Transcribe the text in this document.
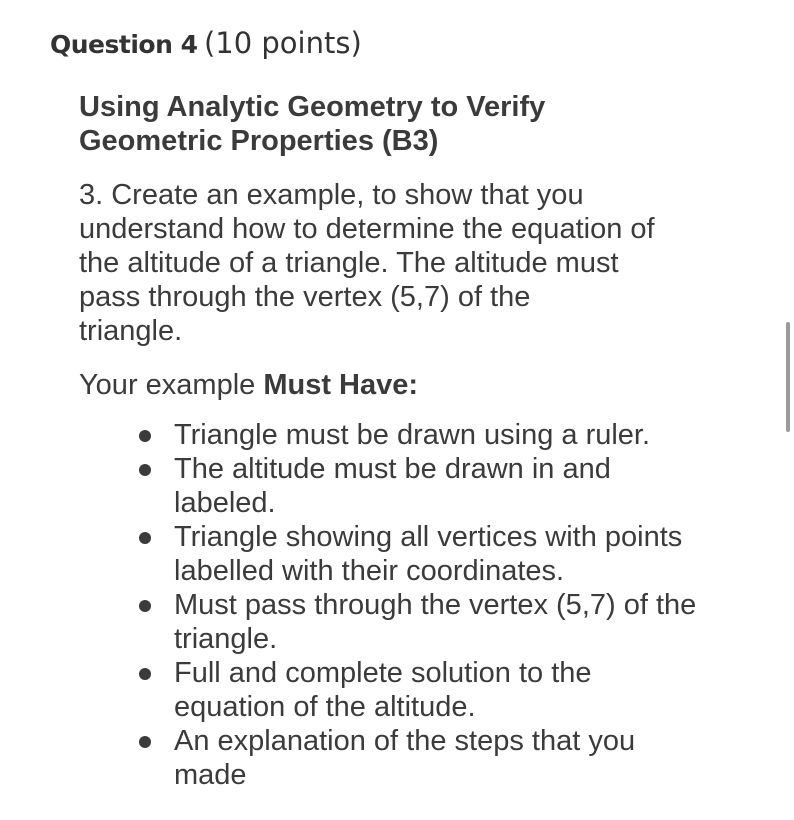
Question 4 (10 points)
Using Analytic Geometry to Verify
Geometric Properties (B3)

3. Create an example, to show that you
understand how to determine the equation of
the altitude of a triangle. The altitude must
pass through the vertex (5,7) of the
triangle.

Your example Must Have:

Triangle must be drawn using a ruler.
The altitude must be drawn in and
labeled.
Triangle showing all vertices with points
labelled with their coordinates.
Must pass through the vertex (5,7) of the
triangle.
Full and complete solution to the
equation of the altitude.
An explanation of the steps that you
made
